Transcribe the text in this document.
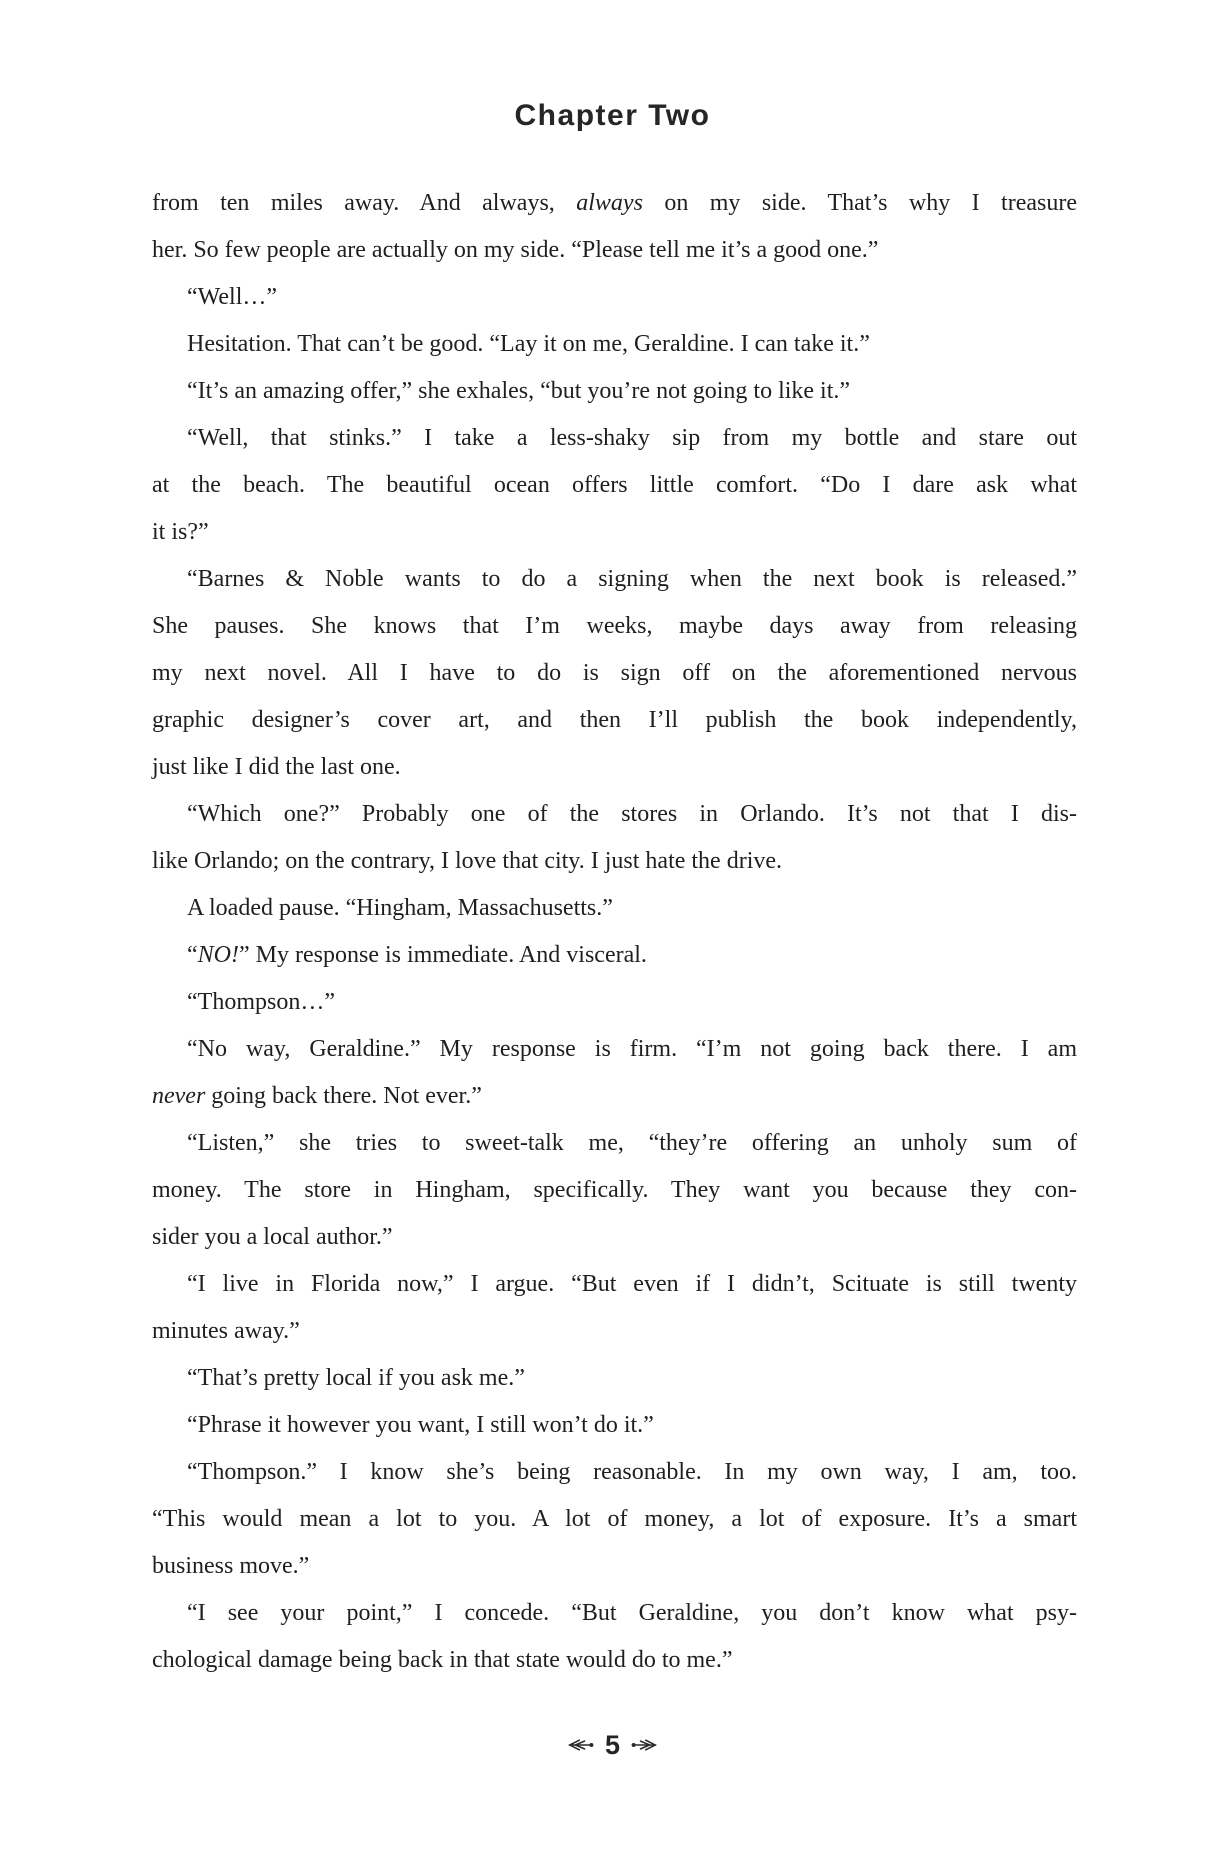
Chapter Two
from ten miles away. And always, always on my side. That’s why I treasure
her. So few people are actually on my side. “Please tell me it’s a good one.”
“Well…”
Hesitation. That can’t be good. “Lay it on me, Geraldine. I can take it.”
“It’s an amazing offer,” she exhales, “but you’re not going to like it.”
“Well, that stinks.” I take a less-shaky sip from my bottle and stare out
at the beach. The beautiful ocean offers little comfort. “Do I dare ask what
it is?”
“Barnes & Noble wants to do a signing when the next book is released.”
She pauses. She knows that I’m weeks, maybe days away from releasing
my next novel. All I have to do is sign off on the aforementioned nervous
graphic designer’s cover art, and then I’ll publish the book independently,
just like I did the last one.
“Which one?” Probably one of the stores in Orlando. It’s not that I dis-
like Orlando; on the contrary, I love that city. I just hate the drive.
A loaded pause. “Hingham, Massachusetts.”
“NO!” My response is immediate. And visceral.
“Thompson…”
“No way, Geraldine.” My response is firm. “I’m not going back there. I am
never going back there. Not ever.”
“Listen,” she tries to sweet-talk me, “they’re offering an unholy sum of
money. The store in Hingham, specifically. They want you because they con-
sider you a local author.”
“I live in Florida now,” I argue. “But even if I didn’t, Scituate is still twenty
minutes away.”
“That’s pretty local if you ask me.”
“Phrase it however you want, I still won’t do it.”
“Thompson.” I know she’s being reasonable. In my own way, I am, too.
“This would mean a lot to you. A lot of money, a lot of exposure. It’s a smart
business move.”
“I see your point,” I concede. “But Geraldine, you don’t know what psy-
chological damage being back in that state would do to me.”
5
